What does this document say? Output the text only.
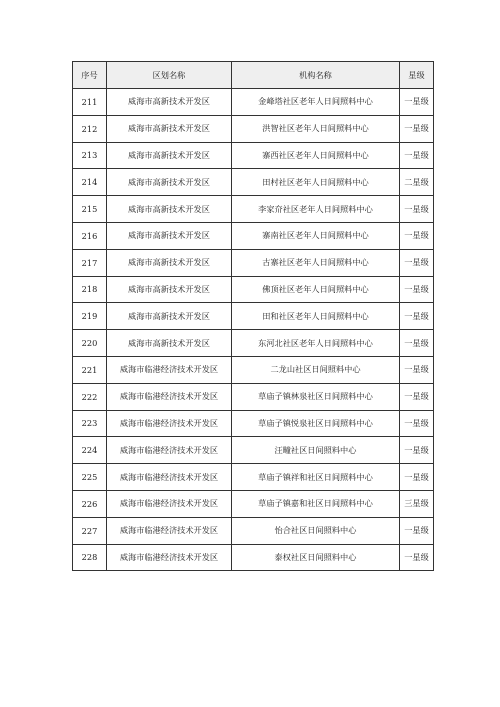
序号	区划名称	机构名称	星级
211	威海市高新技术开发区	金峰塔社区老年人日间照料中心	一星级
212	威海市高新技术开发区	洪智社区老年人日间照料中心	一星级
213	威海市高新技术开发区	寨西社区老年人日间照料中心	一星级
214	威海市高新技术开发区	田村社区老年人日间照料中心	二星级
215	威海市高新技术开发区	李家夼社区老年人日间照料中心	一星级
216	威海市高新技术开发区	寨南社区老年人日间照料中心	一星级
217	威海市高新技术开发区	古寨社区老年人日间照料中心	一星级
218	威海市高新技术开发区	佛顶社区老年人日间照料中心	一星级
219	威海市高新技术开发区	田和社区老年人日间照料中心	一星级
220	威海市高新技术开发区	东河北社区老年人日间照料中心	一星级
221	威海市临港经济技术开发区	二龙山社区日间照料中心	一星级
222	威海市临港经济技术开发区	草庙子镇林泉社区日间照料中心	一星级
223	威海市临港经济技术开发区	草庙子镇悦泉社区日间照料中心	一星级
224	威海市临港经济技术开发区	汪疃社区日间照料中心	一星级
225	威海市临港经济技术开发区	草庙子镇祥和社区日间照料中心	一星级
226	威海市临港经济技术开发区	草庙子镇嘉和社区日间照料中心	三星级
227	威海市临港经济技术开发区	怡合社区日间照料中心	一星级
228	威海市临港经济技术开发区	泰权社区日间照料中心	一星级
